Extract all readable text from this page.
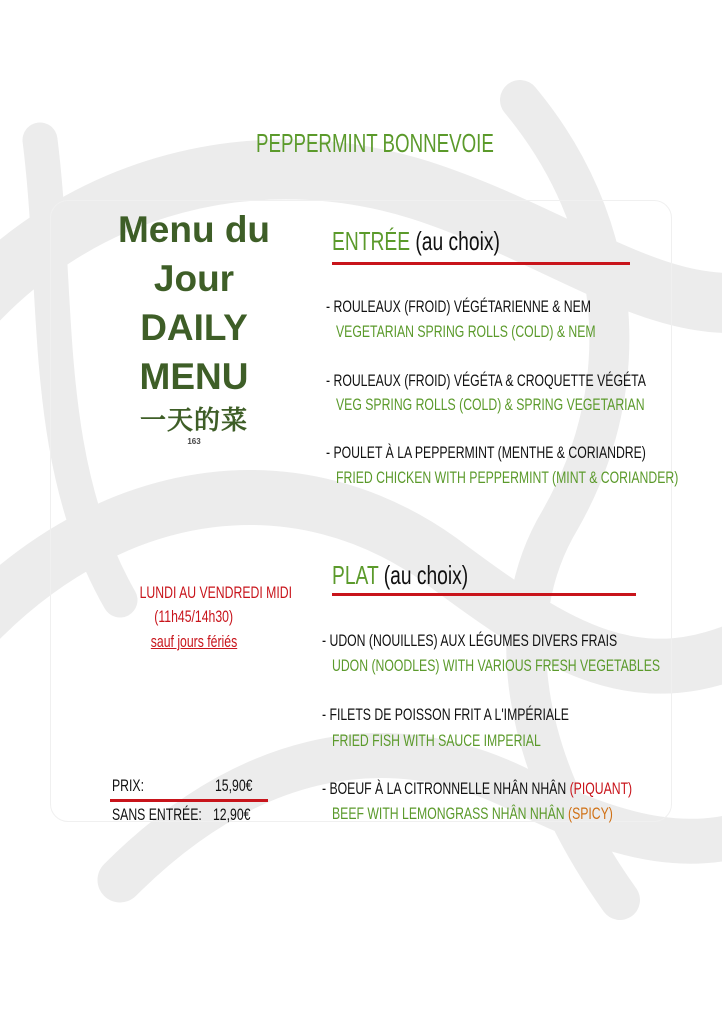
PEPPERMINT BONNEVOIE
Menu du
Jour
DAILY
MENU
一天的菜
163
ENTRÉE (au choix)
- ROULEAUX (FROID) VÉGÉTARIENNE & NEM
VEGETARIAN SPRING ROLLS (COLD) & NEM
- ROULEAUX (FROID) VÉGÉTA & CROQUETTE VÉGÉTA
VEG SPRING ROLLS (COLD) & SPRING VEGETARIAN
- POULET À LA PEPPERMINT (MENTHE & CORIANDRE)
FRIED CHICKEN WITH PEPPERMINT (MINT & CORIANDER)
PLAT (au choix)
- UDON (NOUILLES) AUX LÉGUMES DIVERS FRAIS
UDON (NOODLES) WITH VARIOUS FRESH VEGETABLES
- FILETS DE POISSON FRIT A L'IMPÉRIALE
FRIED FISH WITH SAUCE IMPERIAL
- BOEUF À LA CITRONNELLE NHÂN NHÂN (PIQUANT)
BEEF WITH LEMONGRASS NHÂN NHÂN (SPICY)
LUNDI AU VENDREDI MIDI
(11h45/14h30)
sauf jours fériés
PRIX:	15,90€
SANS ENTRÉE: 12,90€
